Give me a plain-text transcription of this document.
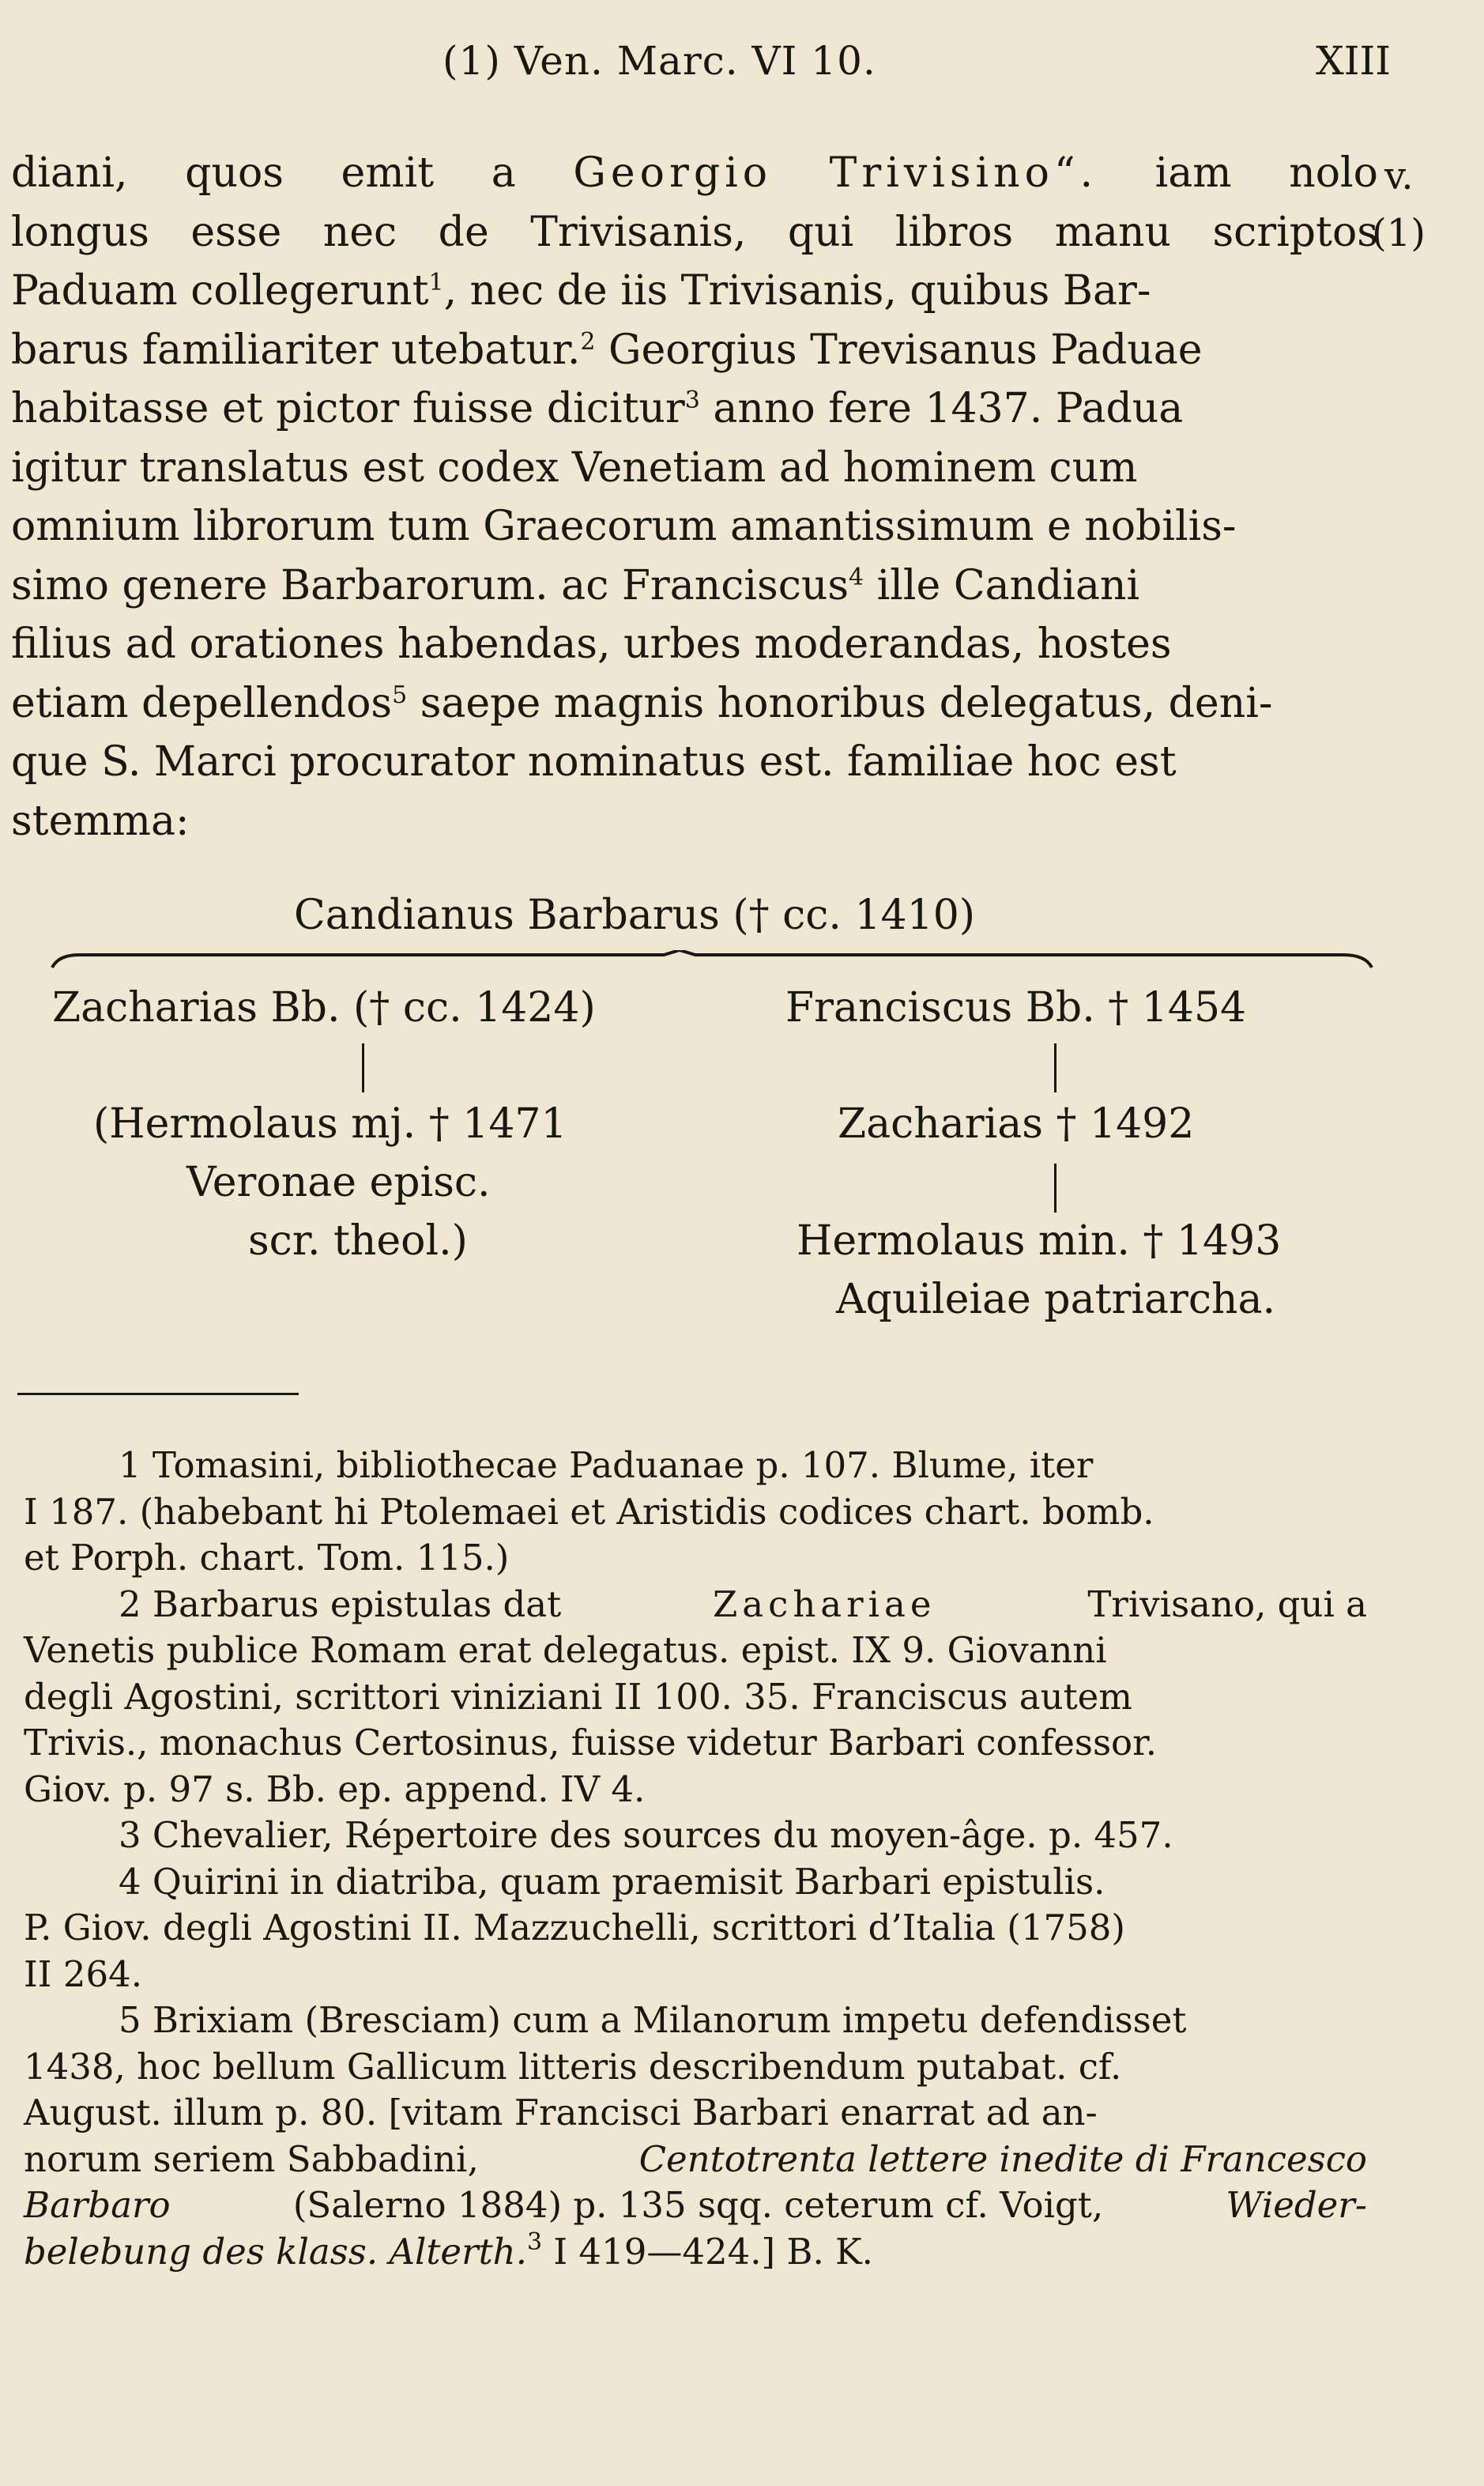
(1) Ven. Marc. VI 10.	XIII
diani, quos emit a Georgio Trivisino“. iam nolo v.
longus esse nec de Trivisanis, qui libros manu scriptos
(1)
Paduam collegerunt$^1$, nec de iis Trivisanis, quibus Bar-
barus familiariter utebatur.$^2$ Georgius Trevisanus Paduae
habitasse et pictor fuisse dicitur$^3$ anno fere 1437. Padua
igitur translatus est codex Venetiam ad hominem cum
omnium librorum tum Graecorum amantissimum e nobilis-
simo genere Barbarorum. ac Franciscus$^4$ ille Candiani
filius ad orationes habendas, urbes moderandas, hostes
etiam depellendos$^5$ saepe magnis honoribus delegatus, deni-
que S. Marci procurator nominatus est. familiae hoc est
stemma:
Candianus Barbarus († cc. 1410)
Zacharias Bb. († cc. 1424)	Franciscus Bb. † 1454
(Hermolaus mj. † 1471	Zacharias † 1492
Veronae episc.
scr. theol.)	Hermolaus min. † 1493
Aquileiae patriarcha.
1 Tomasini, bibliothecae Paduanae p. 107. Blume, iter
I 187. (habebant hi Ptolemaei et Aristidis codices chart. bomb.
et Porph. chart. Tom. 115.)
2 Barbarus epistulas dat	Zachariae	Trivisano, qui a
Venetis publice Romam erat delegatus. epist. IX 9. Giovanni
degli Agostini, scrittori viniziani II 100. 35. Franciscus autem
Trivis., monachus Certosinus, fuisse videtur Barbari confessor.
Giov. p. 97 s. Bb. ep. append. IV 4.
3 Chevalier, Répertoire des sources du moyen-âge. p. 457.
4 Quirini in diatriba, quam praemisit Barbari epistulis.
P. Giov. degli Agostini II. Mazzuchelli, scrittori d’Italia (1758)
II 264.
5 Brixiam (Bresciam) cum a Milanorum impetu defendisset
1438, hoc bellum Gallicum litteris describendum putabat. cf.
August. illum p. 80. [vitam Francisci Barbari enarrat ad an-
norum seriem Sabbadini,	Centotrenta lettere inedite di Francesco
Barbaro	(Salerno 1884) p. 135 sqq. ceterum cf. Voigt,	Wieder-
belebung des klass. Alterth.$^3$ I 419—424.] B. K.
